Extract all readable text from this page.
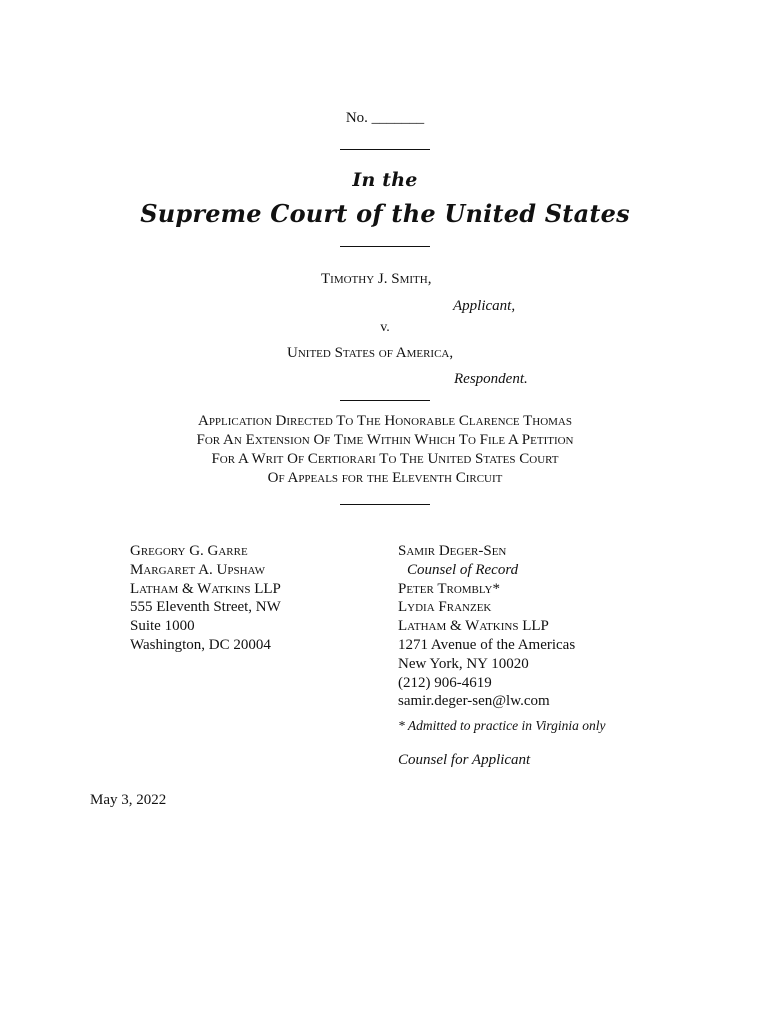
No. _______
In the
Supreme Court of the United States
Timothy J. Smith,
Applicant,
v.
United States of America,
Respondent.
Application Directed To The Honorable Clarence Thomas
For An Extension Of Time Within Which To File A Petition
For A Writ Of Certiorari To The United States Court
Of Appeals for the Eleventh Circuit

Gregory G. Garre

Margaret A. Upshaw

Latham & Watkins LLP

555 Eleventh Street, NW

Suite 1000

Washington, DC 20004

Samir Deger-Sen

Counsel of Record

Peter Trombly*

Lydia Franzek

Latham & Watkins LLP

1271 Avenue of the Americas

New York, NY 10020

(212) 906-4619

samir.deger-sen@lw.com

* Admitted to practice in Virginia only
Counsel for Applicant
May 3, 2022
